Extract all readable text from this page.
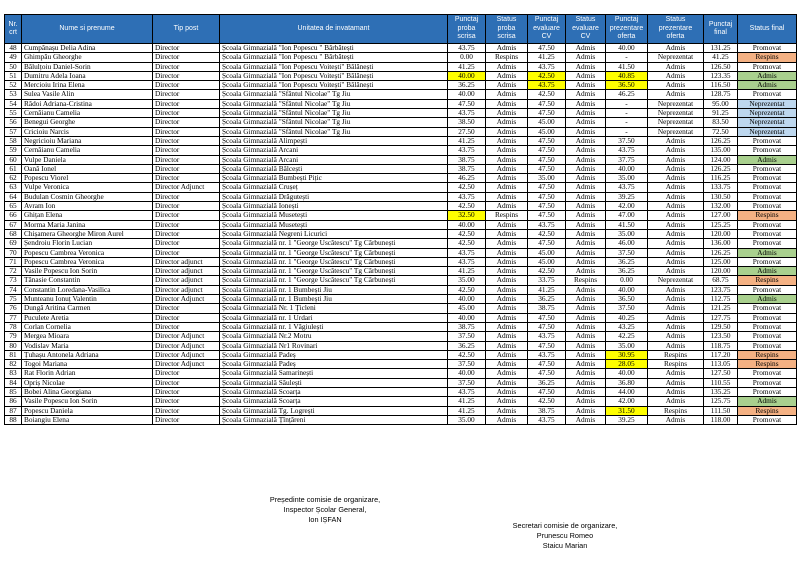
Nr. crt	Nume si prenume	Tip post	Unitatea de invatamant	Punctaj proba scrisa	Status proba scrisa	Punctaj evaluare CV	Status evaluare CV	Punctaj prezentare oferta	Status prezentare oferta	Punctaj final	Status final
48	Cumpănașu Delia Adina	Director	Școala Gimnazială "Ion Popescu " Bărbătești	43.75	Admis	47.50	Admis	40.00	Admis	131.25	Promovat
49	Ghimpău Gheorghe	Director	Școala Gimnazială "Ion Popescu " Bărbătești	0.00	Respins	41.25	Admis	-	Neprezentat	41.25	Respins
50	Bălulțoiu Daniel-Sorin	Director	Școala Gimnazială "Ion Popescu Voitești" Bălănești	41.25	Admis	43.75	Admis	41.50	Admis	126.50	Promovat
51	Dumitru Adela Ioana	Director	Școala Gimnazială "Ion Popescu Voitești" Bălănești	40.00	Admis	42.50	Admis	40.85	Admis	123.35	Admis
52	Mercioiu Irina Elena	Director	Școala Gimnazială "Ion Popescu Voitești" Bălănești	36.25	Admis	43.75	Admis	36.50	Admis	116.50	Admis
53	Sulea Vasile Alin	Director	Școala Gimnazială "Sfântul Nicolae" Tg Jiu	40.00	Admis	42.50	Admis	46.25	Admis	128.75	Promovat
54	Rădoi Adriana-Cristina	Director	Școala Gimnazială "Sfântul Nicolae" Tg Jiu	47.50	Admis	47.50	Admis	-	Neprezentat	95.00	Neprezentat
55	Cernăianu Camelia	Director	Școala Gimnazială "Sfântul Nicolae" Tg Jiu	43.75	Admis	47.50	Admis	-	Neprezentat	91.25	Neprezentat
56	Benegui Georghe	Director	Școala Gimnazială "Sfântul Nicolae" Tg Jiu	38.50	Admis	45.00	Admis	-	Neprezentat	83.50	Neprezentat
57	Cricioiu Narcis	Director	Școala Gimnazială "Sfântul Nicolae" Tg Jiu	27.50	Admis	45.00	Admis	-	Neprezentat	72.50	Neprezentat
58	Negricioiu Mariana	Director	Școala Gimnazială Alimpești	41.25	Admis	47.50	Admis	37.50	Admis	126.25	Promovat
59	Cernăianu Camelia	Director	Școala Gimnazială Arcani	43.75	Admis	47.50	Admis	43.75	Admis	135.00	Promovat
60	Vulpe Daniela	Director	Școala Gimnazială Arcani	38.75	Admis	47.50	Admis	37.75	Admis	124.00	Admis
61	Oană Ionel	Director	Școala Gimnazială Bălcești	38.75	Admis	47.50	Admis	40.00	Admis	126.25	Promovat
62	Popescu Viorel	Director	Școala Gimnazială Bumbești Pițic	46.25	Admis	35.00	Admis	35.00	Admis	116.25	Promovat
63	Vulpe Veronica	Director Adjunct	Școala Gimnazială Crușeț	42.50	Admis	47.50	Admis	43.75	Admis	133.75	Promovat
64	Budulan Cosmin Gheorghe	Director	Școala Gimnazială Drăgutești	43.75	Admis	47.50	Admis	39.25	Admis	130.50	Promovat
65	Avram Ion	Director	Școala Gimnazială Ionești	42.50	Admis	47.50	Admis	42.00	Admis	132.00	Promovat
66	Ghițan Elena	Director	Școala Gimnazială Musetești	32.50	Respins	47.50	Admis	47.00	Admis	127.00	Respins
67	Morma Maria Janina	Director	Școala Gimnazială Musetești	40.00	Admis	43.75	Admis	41.50	Admis	125.25	Promovat
68	Chișamera Gheorghe Miron Aurel	Director	Școala Gimnazială Negreni Licurici	42.50	Admis	42.50	Admis	35.00	Admis	120.00	Promovat
69	Șendroiu Florin Lucian	Director	Școala Gimnazială nr. 1 "George Uscătescu" Tg Cărbunești	42.50	Admis	47.50	Admis	46.00	Admis	136.00	Promovat
70	Popescu Cambrea Veronica	Director	Școala Gimnazială nr. 1 "George Uscătescu" Tg Cărbunești	43.75	Admis	45.00	Admis	37.50	Admis	126.25	Admis
71	Popescu Cambrea Veronica	Director adjunct	Școala Gimnazială nr. 1 "George Uscătescu" Tg Cărbunești	43.75	Admis	45.00	Admis	36.25	Admis	125.00	Promovat
72	Vasile Popescu Ion Sorin	Director adjunct	Școala Gimnazială nr. 1 "George Uscătescu" Tg Cărbunești	41.25	Admis	42.50	Admis	36.25	Admis	120.00	Admis
73	Tănasie Constantin	Director adjunct	Școala Gimnazială nr. 1 "George Uscătescu" Tg Cărbunești	35.00	Admis	33.75	Respins	0.00	Neprezentat	68.75	Respins
74	Constantin Loredana-Vasilica	Director adjunct	Școala Gimnazială nr. 1 Bumbești Jiu	42.50	Admis	41.25	Admis	40.00	Admis	123.75	Promovat
75	Munteanu Ionuț Valentin	Director Adjunct	Școala Gimnazială nr. 1 Bumbești Jiu	40.00	Admis	36.25	Admis	36.50	Admis	112.75	Admis
76	Dungă Aritina Carmen	Director	Școala Gimnazială Nr. 1 Țicleni	45.00	Admis	38.75	Admis	37.50	Admis	121.25	Promovat
77	Puculete Aretia	Director	Școala Gimnazială nr. 1 Urdari	40.00	Admis	47.50	Admis	40.25	Admis	127.75	Promovat
78	Corlan Cornelia	Director	Școala Gimnazială nr. 1 Văgiulești	38.75	Admis	47.50	Admis	43.25	Admis	129.50	Promovat
79	Mergea Mioara	Director Adjunct	Școala Gimnazială Nr.2 Motru	37.50	Admis	43.75	Admis	42.25	Admis	123.50	Promovat
80	Vodislav Maria	Director Adjunct	Școala Gimnazială Nr1 Rovinari	36.25	Admis	47.50	Admis	35.00	Admis	118.75	Promovat
81	Țuhașu Antonela Adriana	Director Adjunct	Școala Gimnazială Padeș	42.50	Admis	43.75	Admis	30.95	Respins	117.20	Respins
82	Togoi Mariana	Director Adjunct	Școala Gimnazială Padeș	37.50	Admis	47.50	Admis	28.05	Respins	113.05	Respins
83	Rat Florin Adrian	Director	Școala Gimnazială Samarinești	40.00	Admis	47.50	Admis	40.00	Admis	127.50	Promovat
84	Opriș Nicolae	Director	Școala Gimnazială Săulești	37.50	Admis	36.25	Admis	36.80	Admis	110.55	Promovat
85	Bobei Alina Georgiana	Director	Școala Gimnazială Scoarța	43.75	Admis	47.50	Admis	44.00	Admis	135.25	Promovat
86	Vasile Popescu Ion Sorin	Director	Școala Gimnazială Scoarța	41.25	Admis	42.50	Admis	42.00	Admis	125.75	Admis
87	Popescu Daniela	Director	Școala Gimnazială Tg. Logrești	41.25	Admis	38.75	Admis	31.50	Respins	111.50	Respins
88	Boiangiu Elena	Director	Școala Gimnazială Țînțăreni	35.00	Admis	43.75	Admis	39.25	Admis	118.00	Promovat
Președinte comisie de organizare,
Inspector Școlar General,
Ion IȘFAN
Secretari comisie de organizare,
Prunescu Romeo
Staicu Marian
